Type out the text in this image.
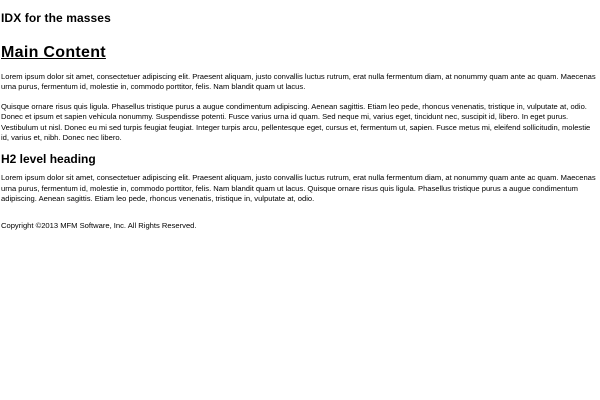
IDX for the masses
Main Content

Lorem ipsum dolor sit amet, consectetuer adipiscing elit. Praesent aliquam, justo convallis luctus rutrum, erat nulla fermentum diam, at nonummy quam ante ac quam. Maecenas urna purus, fermentum id, molestie in, commodo porttitor, felis. Nam blandit quam ut lacus.

Quisque ornare risus quis ligula. Phasellus tristique purus a augue condimentum adipiscing. Aenean sagittis. Etiam leo pede, rhoncus venenatis, tristique in, vulputate at, odio. Donec et ipsum et sapien vehicula nonummy. Suspendisse potenti. Fusce varius urna id quam. Sed neque mi, varius eget, tincidunt nec, suscipit id, libero. In eget purus. Vestibulum ut nisl. Donec eu mi sed turpis feugiat feugiat. Integer turpis arcu, pellentesque eget, cursus et, fermentum ut, sapien. Fusce metus mi, eleifend sollicitudin, molestie id, varius et, nibh. Donec nec libero.

H2 level heading

Lorem ipsum dolor sit amet, consectetuer adipiscing elit. Praesent aliquam, justo convallis luctus rutrum, erat nulla fermentum diam, at nonummy quam ante ac quam. Maecenas urna purus, fermentum id, molestie in, commodo porttitor, felis. Nam blandit quam ut lacus. Quisque ornare risus quis ligula. Phasellus tristique purus a augue condimentum adipiscing. Aenean sagittis. Etiam leo pede, rhoncus venenatis, tristique in, vulputate at, odio.

Copyright ©2013 MFM Software, Inc. All Rights Reserved.
